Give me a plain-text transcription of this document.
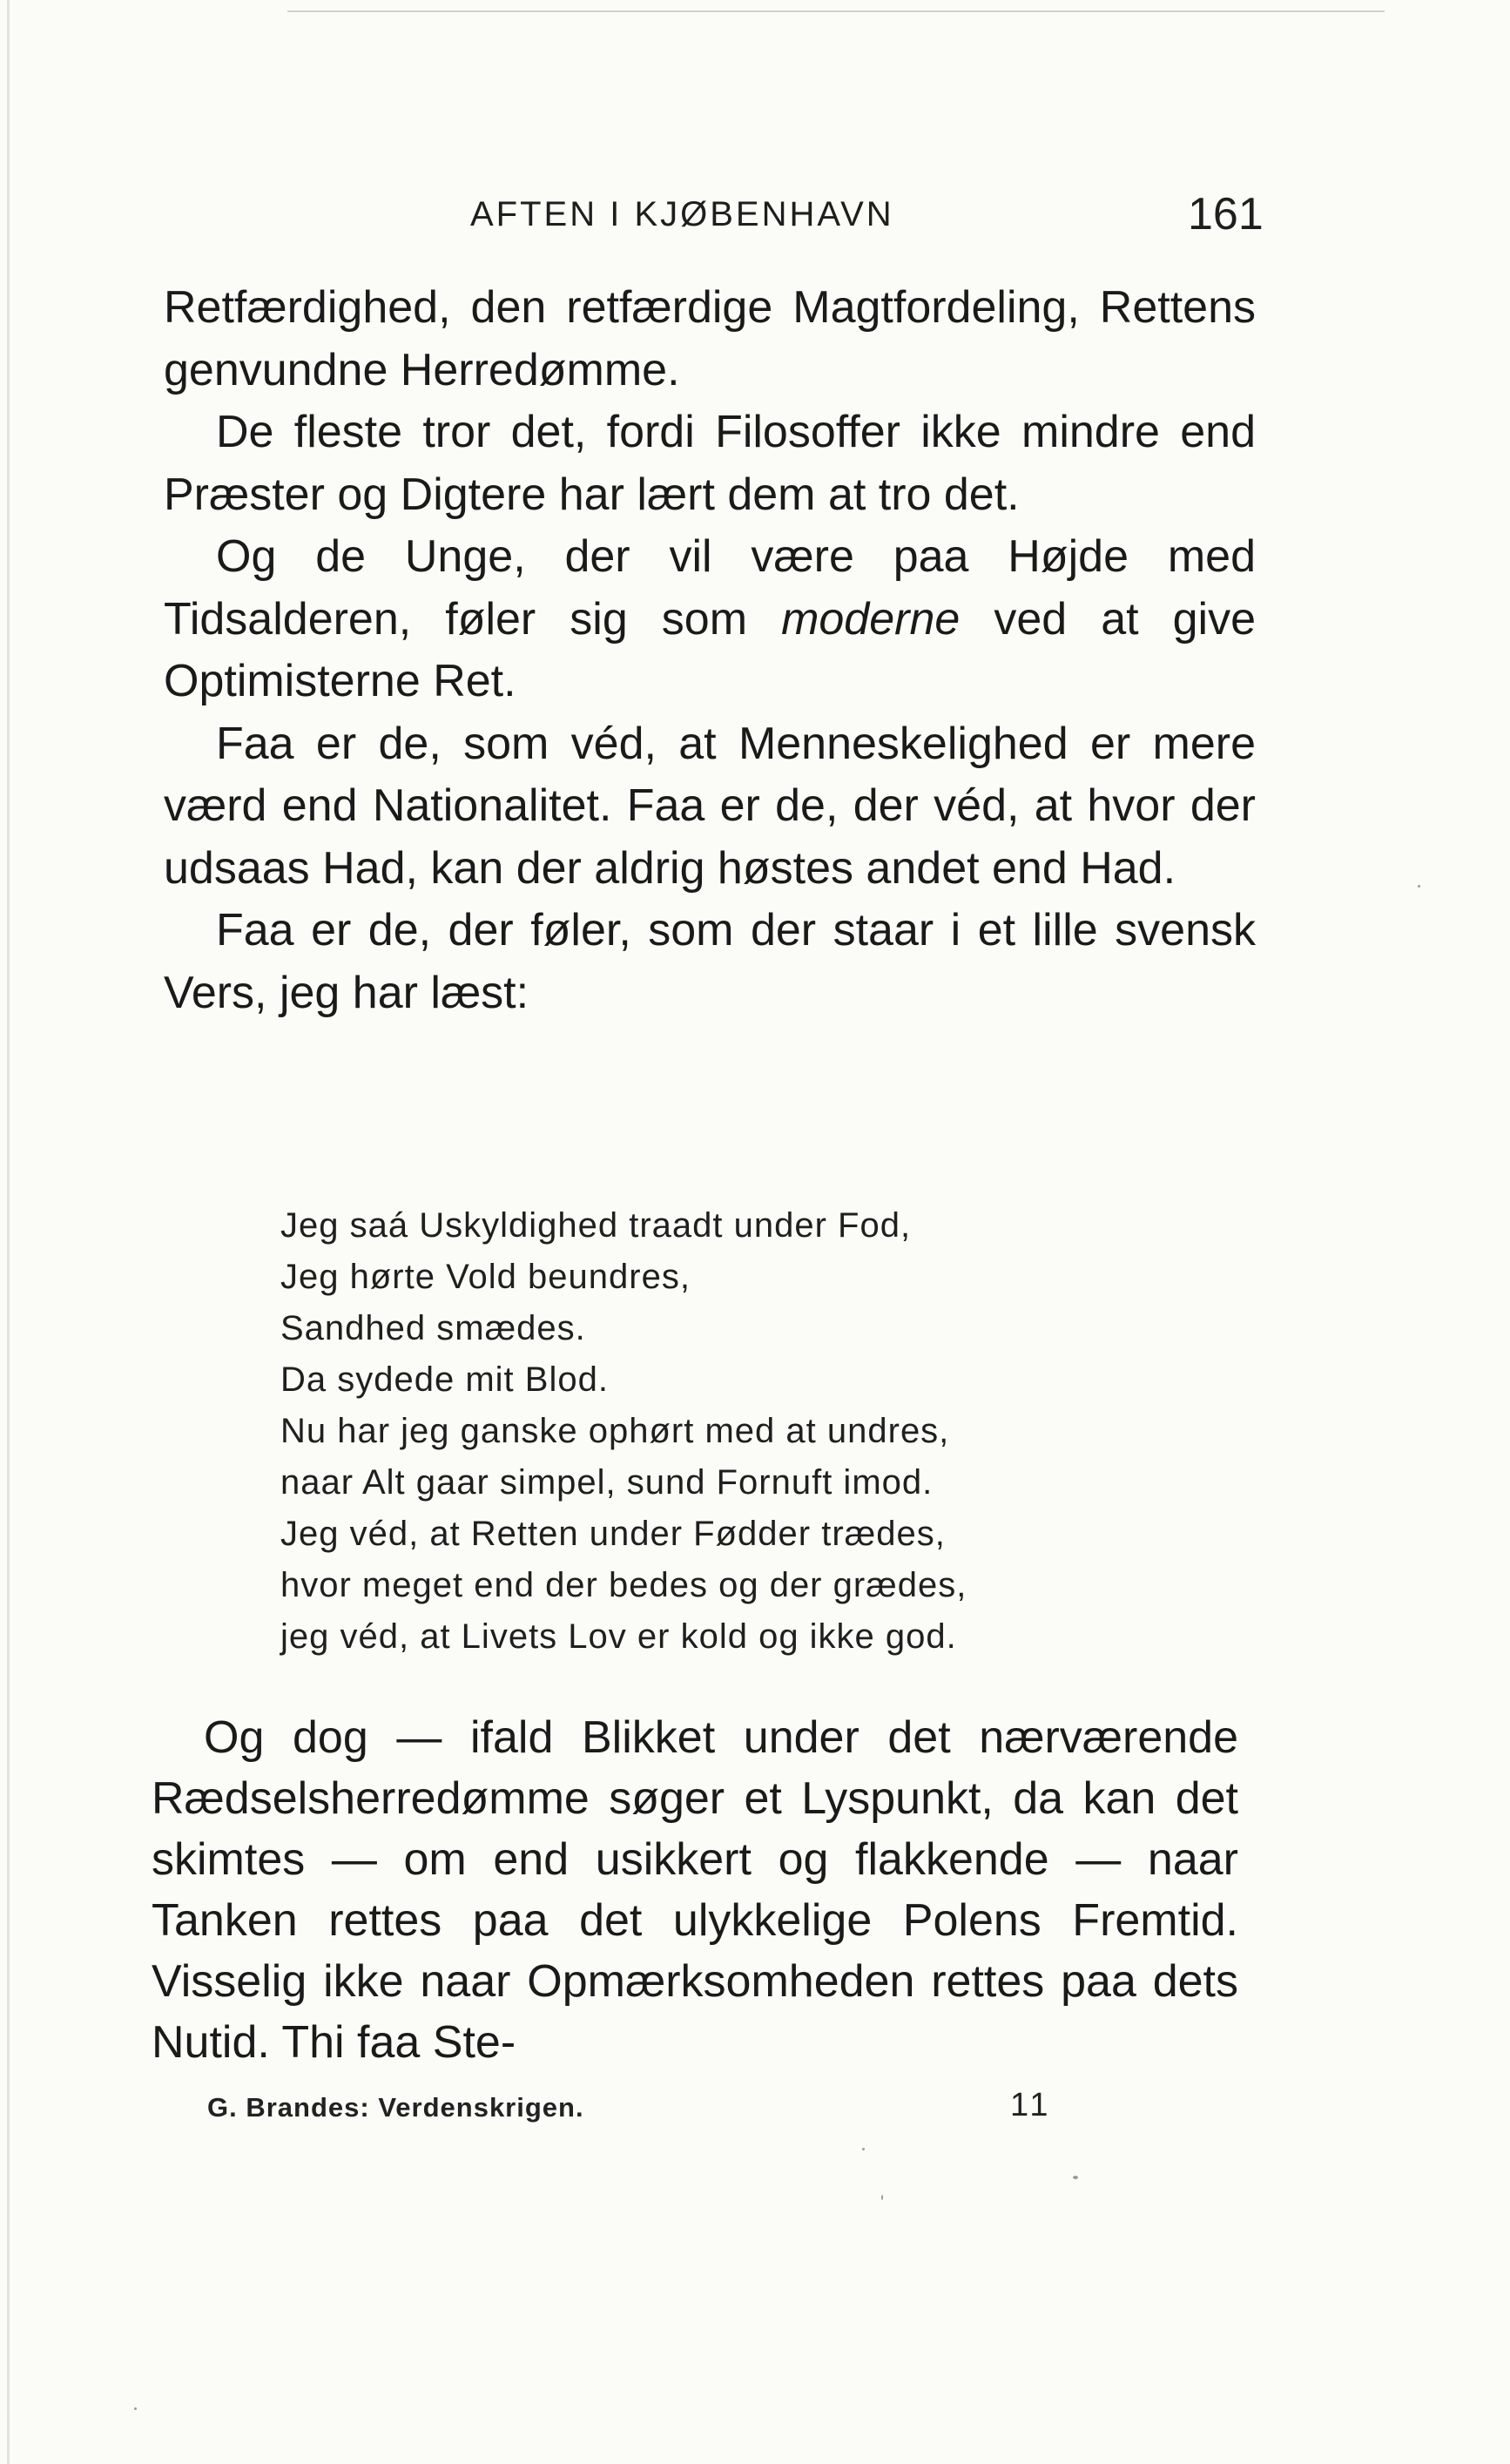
AFTEN I KJØBENHAVN	161

Retfærdighed, den retfærdige Magtfordeling, Rettens genvundne Herredømme.

De fleste tror det, fordi Filosoffer ikke mindre end Præster og Digtere har lært dem at tro det.

Og de Unge, der vil være paa Højde med Tidsalderen, føler sig som moderne ved at give Optimisterne Ret.

Faa er de, som véd, at Menneskelighed er mere værd end Nationalitet. Faa er de, der véd, at hvor der udsaas Had, kan der aldrig høstes andet end Had.

Faa er de, der føler, som der staar i et lille svensk Vers, jeg har læst:

Jeg saá Uskyldighed traadt under Fod,
Jeg hørte Vold beundres,
Sandhed smædes.
Da sydede mit Blod.
Nu har jeg ganske ophørt med at undres,
naar Alt gaar simpel, sund Fornuft imod.
Jeg véd, at Retten under Fødder trædes,
hvor meget end der bedes og der grædes,
jeg véd, at Livets Lov er kold og ikke god.

Og dog — ifald Blikket under det nærværende Rædselsherredømme søger et Lyspunkt, da kan det skimtes — om end usikkert og flakkende — naar Tanken rettes paa det ulykkelige Polens Fremtid. Visselig ikke naar Opmærksomheden rettes paa dets Nutid. Thi faa Ste-

G. Brandes: Verdenskrigen.	11
